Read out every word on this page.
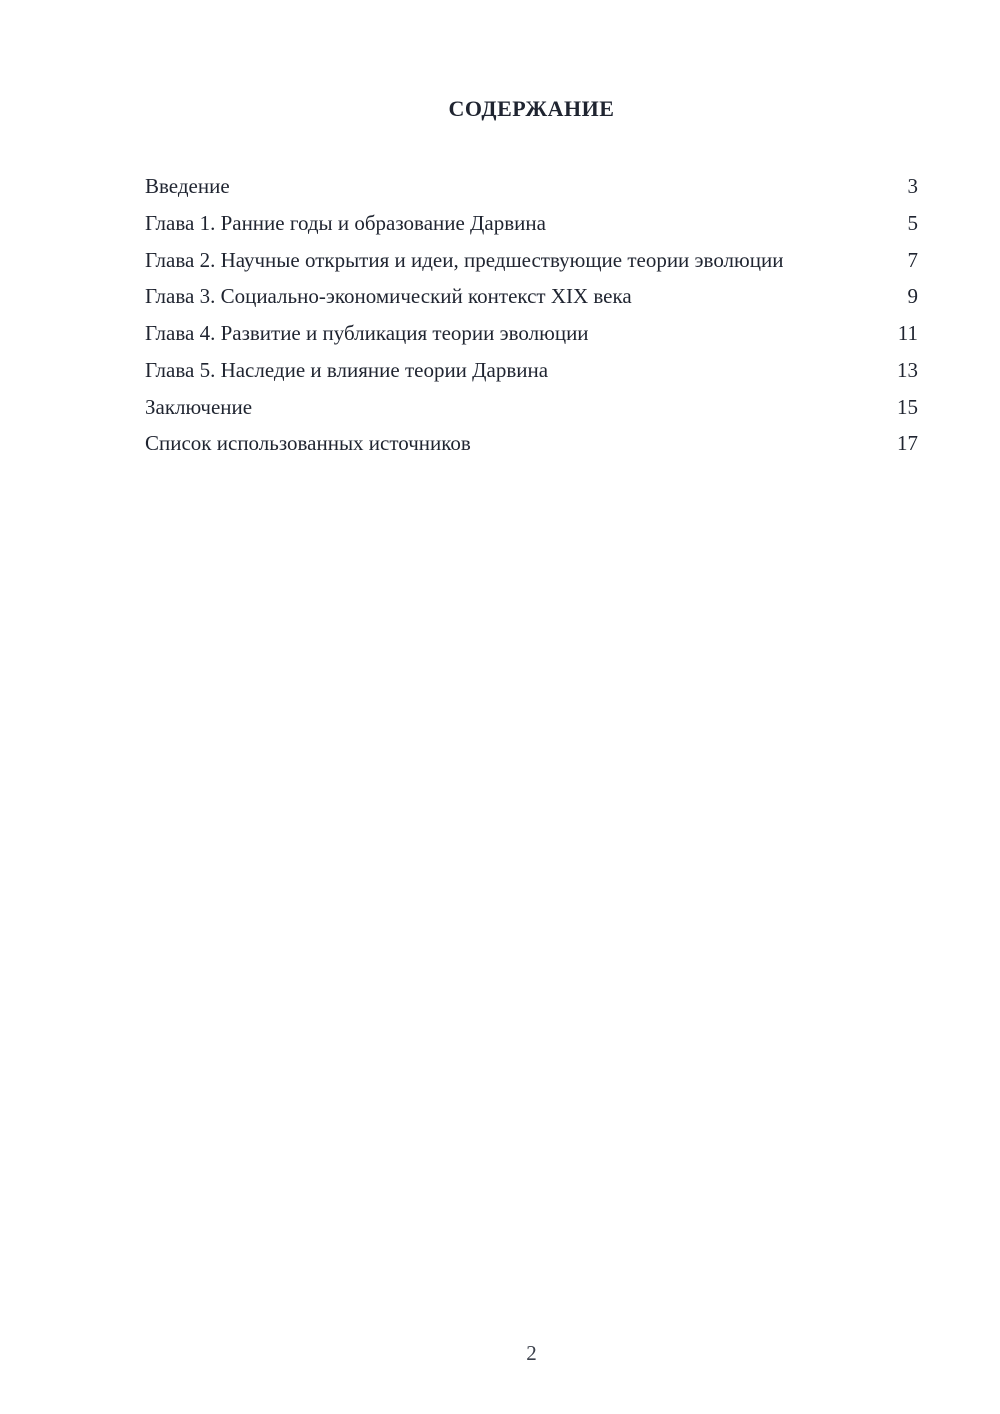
СОДЕРЖАНИЕ
Введение	3
Глава 1. Ранние годы и образование Дарвина	5
Глава 2. Научные открытия и идеи, предшествующие теории эволюции	7
Глава 3. Социально-экономический контекст XIX века	9
Глава 4. Развитие и публикация теории эволюции	11
Глава 5. Наследие и влияние теории Дарвина	13
Заключение	15
Список использованных источников	17
2
